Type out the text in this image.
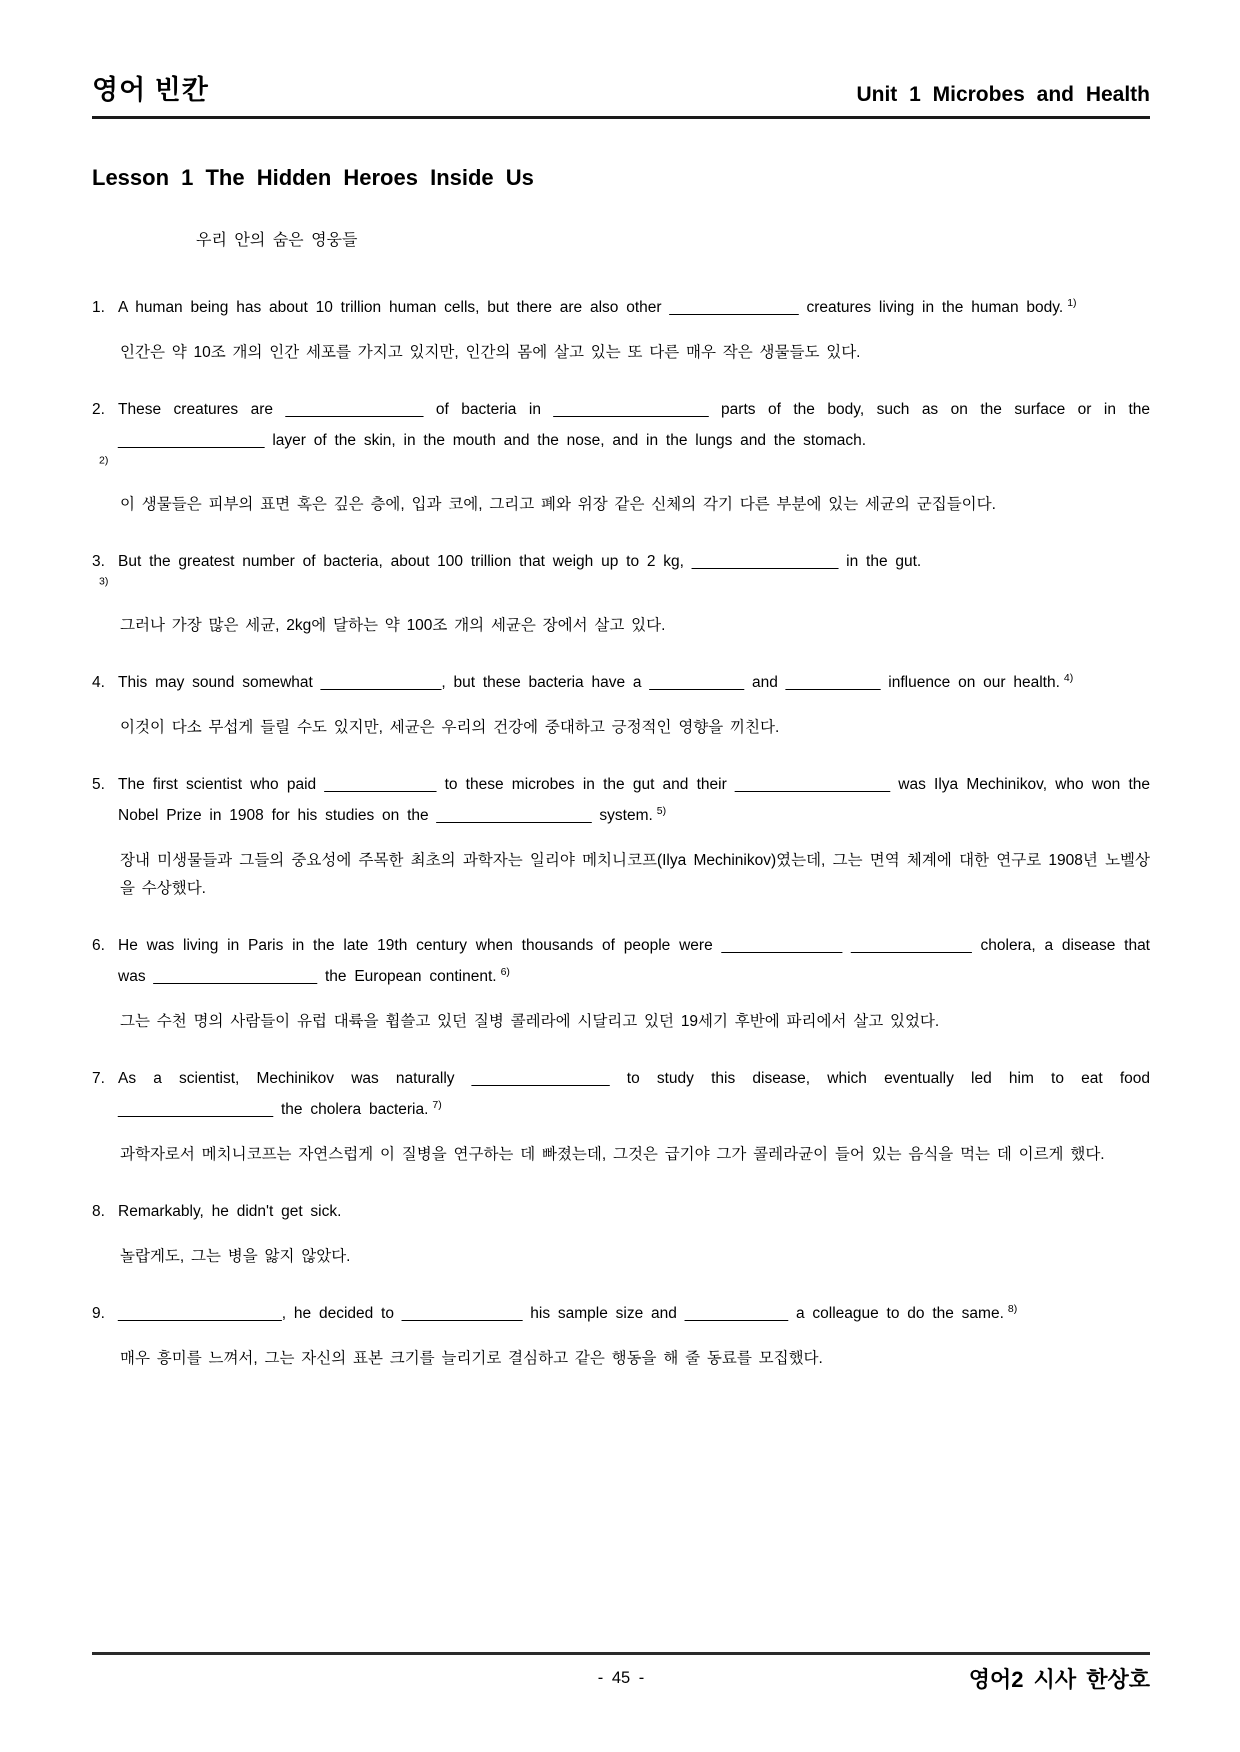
영어 빈칸	Unit 1 Microbes and Health
Lesson 1 The Hidden Heroes Inside Us
우리 안의 숨은 영웅들

1. A human being has about 10 trillion human cells, but there are also other _______________ creatures living in the human body. $^{1)}$

인간은 약 10조 개의 인간 세포를 가지고 있지만, 인간의 몸에 살고 있는 또 다른 매우 작은 생물들도 있다.

2. These creatures are ________________ of bacteria in __________________ parts of the body, such as on the surface or in the _________________ layer of the skin, in the mouth and the nose, and in the lungs and the stomach.

$^{2)}$

이 생물들은 피부의 표면 혹은 깊은 층에, 입과 코에, 그리고 폐와 위장 같은 신체의 각기 다른 부분에 있는 세균의 군집들이다.

3. But the greatest number of bacteria, about 100 trillion that weigh up to 2 kg, _________________ in the gut.

$^{3)}$

그러나 가장 많은 세균, 2kg에 달하는 약 100조 개의 세균은 장에서 살고 있다.

4. This may sound somewhat ______________, but these bacteria have a ___________ and ___________ influence on our health. $^{4)}$

이것이 다소 무섭게 들릴 수도 있지만, 세균은 우리의 건강에 중대하고 긍정적인 영향을 끼친다.

5. The first scientist who paid _____________ to these microbes in the gut and their __________________ was Ilya Mechinikov, who won the Nobel Prize in 1908 for his studies on the __________________ system. $^{5)}$

장내 미생물들과 그들의 중요성에 주목한 최초의 과학자는 일리야 메치니코프(Ilya Mechinikov)였는데, 그는 면역 체계에 대한 연구로 1908년 노벨상을 수상했다.

6. He was living in Paris in the late 19th century when thousands of people were ______________ ______________ cholera, a disease that was ___________________ the European continent. $^{6)}$

그는 수천 명의 사람들이 유럽 대륙을 휩쓸고 있던 질병 콜레라에 시달리고 있던 19세기 후반에 파리에서 살고 있었다.

7. As a scientist, Mechinikov was naturally ________________ to study this disease, which eventually led him to eat food __________________ the cholera bacteria. $^{7)}$

과학자로서 메치니코프는 자연스럽게 이 질병을 연구하는 데 빠졌는데, 그것은 급기야 그가 콜레라균이 들어 있는 음식을 먹는 데 이르게 했다.

8. Remarkably, he didn't get sick.

놀랍게도, 그는 병을 앓지 않았다.

9. ___________________, he decided to ______________ his sample size and ____________ a colleague to do the same. $^{8)}$

매우 흥미를 느껴서, 그는 자신의 표본 크기를 늘리기로 결심하고 같은 행동을 해 줄 동료를 모집했다.

- 45 -	영어2 시사 한상호
